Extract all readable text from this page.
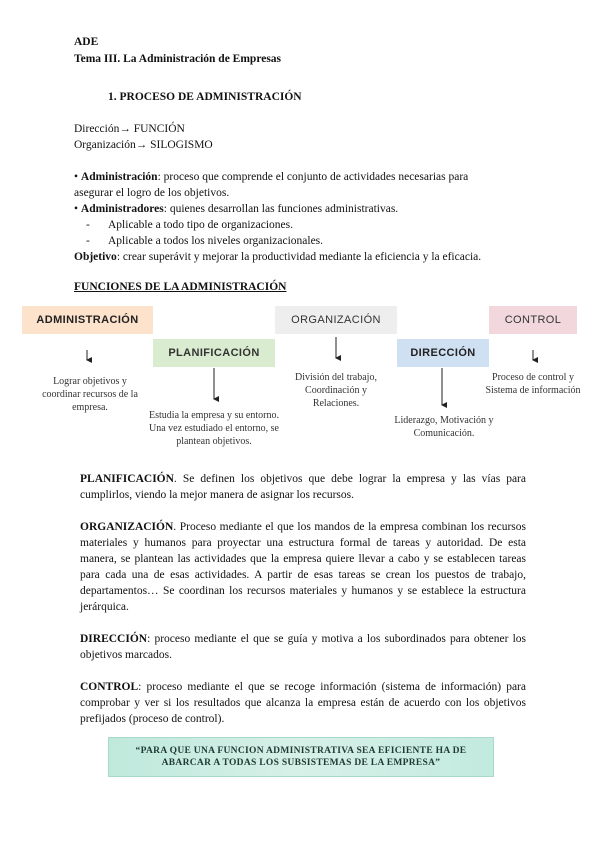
ADE
Tema III. La Administración de Empresas
1. PROCESO DE ADMINISTRACIÓN
Dirección→ FUNCIÓN
Organización→ SILOGISMO
• Administración: proceso que comprende el conjunto de actividades necesarias para
asegurar el logro de los objetivos.
• Administradores: quienes desarrollan las funciones administrativas.
- Aplicable a todo tipo de organizaciones.
- Aplicable a todos los niveles organizacionales.
Objetivo: crear superávit y mejorar la productividad mediante la eficiencia y la eficacia.
FUNCIONES DE LA ADMINISTRACIÓN
ADMINISTRACIÓN
PLANIFICACIÓN
ORGANIZACIÓN
DIRECCIÓN
CONTROL
Lograr objetivos y
coordinar recursos de la
empresa.
Estudia la empresa y su entorno.
Una vez estudiado el entorno, se
plantean objetivos.
División del trabajo,
Coordinación y
Relaciones.
Liderazgo, Motivación y
Comunicación.
Proceso de control y
Sistema de información
PLANIFICACIÓN. Se definen los objetivos que debe lograr la empresa y las vías para cumplirlos, viendo la mejor manera de asignar los recursos.
ORGANIZACIÓN. Proceso mediante el que los mandos de la empresa combinan los recursos materiales y humanos para proyectar una estructura formal de tareas y autoridad. De esta manera, se plantean las actividades que la empresa quiere llevar a cabo y se establecen tareas para cada una de esas actividades. A partir de esas tareas se crean los puestos de trabajo, departamentos… Se coordinan los recursos materiales y humanos y se establece la estructura jerárquica.
DIRECCIÓN: proceso mediante el que se guía y motiva a los subordinados para obtener los objetivos marcados.
CONTROL: proceso mediante el que se recoge información (sistema de información) para comprobar y ver si los resultados que alcanza la empresa están de acuerdo con los objetivos prefijados (proceso de control).
“PARA QUE UNA FUNCION ADMINISTRATIVA SEA EFICIENTE HA DE
ABARCAR A TODAS LOS SUBSISTEMAS DE LA EMPRESA”
